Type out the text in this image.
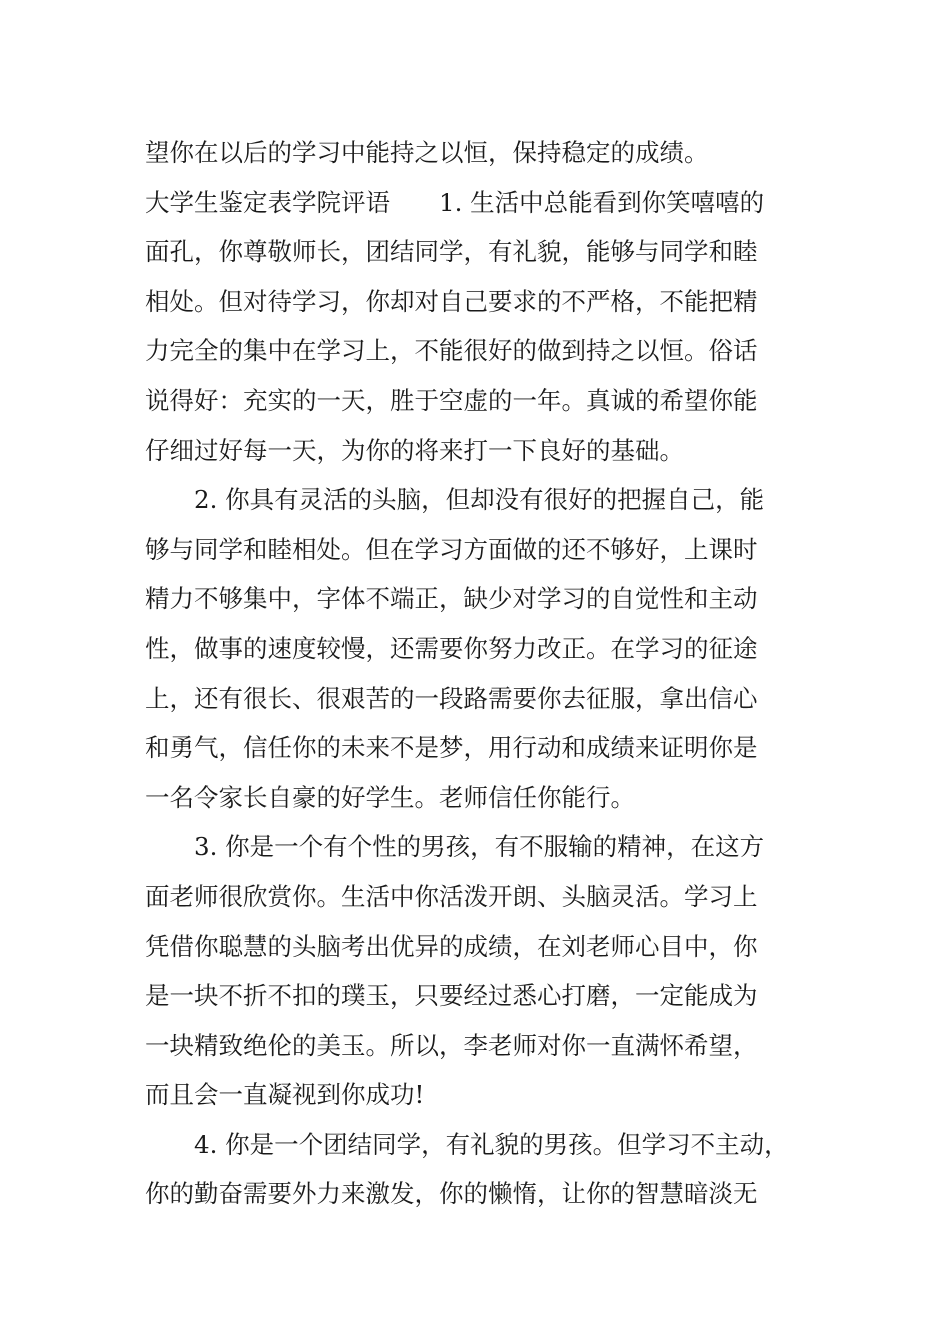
望你在以后的学习中能持之以恒，保持稳定的成绩。
大学生鉴定表学院评语　　1. 生活中总能看到你笑嘻嘻的
面孔，你尊敬师长，团结同学，有礼貌，能够与同学和睦
相处。但对待学习，你却对自己要求的不严格，不能把精
力完全的集中在学习上，不能很好的做到持之以恒。俗话
说得好：充实的一天，胜于空虚的一年。真诚的希望你能
仔细过好每一天，为你的将来打一下良好的基础。
2. 你具有灵活的头脑，但却没有很好的把握自己，能
够与同学和睦相处。但在学习方面做的还不够好，上课时
精力不够集中，字体不端正，缺少对学习的自觉性和主动
性，做事的速度较慢，还需要你努力改正。在学习的征途
上，还有很长、很艰苦的一段路需要你去征服，拿出信心
和勇气，信任你的未来不是梦，用行动和成绩来证明你是
一名令家长自豪的好学生。老师信任你能行。
3. 你是一个有个性的男孩，有不服输的精神，在这方
面老师很欣赏你。生活中你活泼开朗、头脑灵活。学习上
凭借你聪慧的头脑考出优异的成绩，在刘老师心目中，你
是一块不折不扣的璞玉，只要经过悉心打磨，一定能成为
一块精致绝伦的美玉。所以，李老师对你一直满怀希望，
而且会一直凝视到你成功!
4. 你是一个团结同学，有礼貌的男孩。但学习不主动，
你的勤奋需要外力来激发，你的懒惰，让你的智慧暗淡无
